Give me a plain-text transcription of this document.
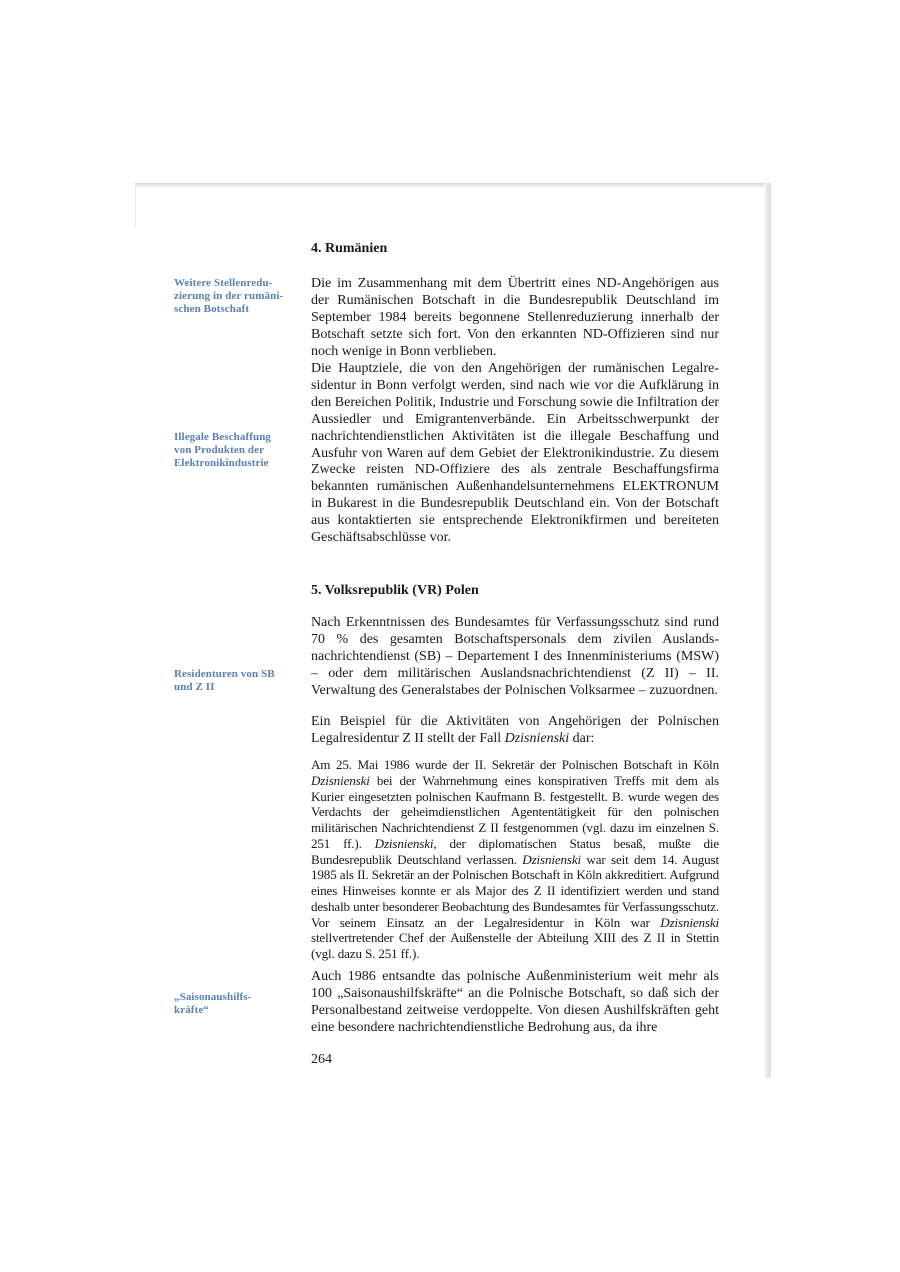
4. Rumänien
Weitere Stellenredu-
zierung in der rumäni-
schen Botschaft
Illegale Beschaffung
von Produkten der
Elektronikindustrie

Die im Zusammenhang mit dem Übertritt eines ND-Angehörigen aus der Rumänischen Botschaft in die Bundesrepublik Deutschland im September 1984 bereits begonnene Stellenreduzierung innerhalb der Botschaft setzte sich fort. Von den erkannten ND-Offizieren sind nur noch wenige in Bonn verblieben.

Die Hauptziele, die von den Angehörigen der rumänischen Legalresidentur in Bonn verfolgt werden, sind nach wie vor die Aufklärung in den Bereichen Politik, Industrie und Forschung sowie die Infiltration der Aussiedler und Emigrantenverbände. Ein Arbeitsschwerpunkt der nachrichtendienstlichen Aktivitäten ist die illegale Beschaffung und Ausfuhr von Waren auf dem Gebiet der Elektronikindustrie. Zu diesem Zwecke reisten ND-Offiziere des als zentrale Beschaffungsfirma bekannten rumänischen Außenhandelsunternehmens ELEKTRONUM in Bukarest in die Bundesrepublik Deutschland ein. Von der Botschaft aus kontaktierten sie entsprechende Elektronikfirmen und bereiteten Geschäftsabschlüsse vor.

5. Volksrepublik (VR) Polen
Residenturen von SB
und Z II
„Saisonaushilfs-
kräfte“

Nach Erkenntnissen des Bundesamtes für Verfassungsschutz sind rund 70 % des gesamten Botschaftspersonals dem zivilen Auslandsnachrichtendienst (SB) – Departement I des Innenministeriums (MSW) – oder dem militärischen Auslandsnachrichtendienst (Z II) – II. Verwaltung des Generalstabes der Polnischen Volksarmee – zuzuordnen.

Ein Beispiel für die Aktivitäten von Angehörigen der Polnischen Legalresidentur Z II stellt der Fall Dzisnienski dar:

Am 25. Mai 1986 wurde der II. Sekretär der Polnischen Botschaft in Köln Dzisnienski bei der Wahrnehmung eines konspirativen Treffs mit dem als Kurier eingesetzten polnischen Kaufmann B. festgestellt. B. wurde wegen des Verdachts der geheimdienstlichen Agententätigkeit für den polnischen militärischen Nachrichtendienst Z II festgenommen (vgl. dazu im einzelnen S. 251 ff.). Dzisnienski, der diplomatischen Status besaß, mußte die Bundesrepublik Deutschland verlassen. Dzisnienski war seit dem 14. August 1985 als II. Sekretär an der Polnischen Botschaft in Köln akkreditiert. Aufgrund eines Hinweises konnte er als Major des Z II identifiziert werden und stand deshalb unter besonderer Beobachtung des Bundesamtes für Verfassungsschutz. Vor seinem Einsatz an der Legalresidentur in Köln war Dzisnienski stellvertretender Chef der Außenstelle der Abteilung XIII des Z II in Stettin (vgl. dazu S. 251 ff.).

Auch 1986 entsandte das polnische Außenministerium weit mehr als 100 „Saisonaushilfskräfte“ an die Polnische Botschaft, so daß sich der Personalbestand zeitweise verdoppelte. Von diesen Aushilfskräften geht eine besondere nachrichtendienstliche Bedrohung aus, da ihre

264
